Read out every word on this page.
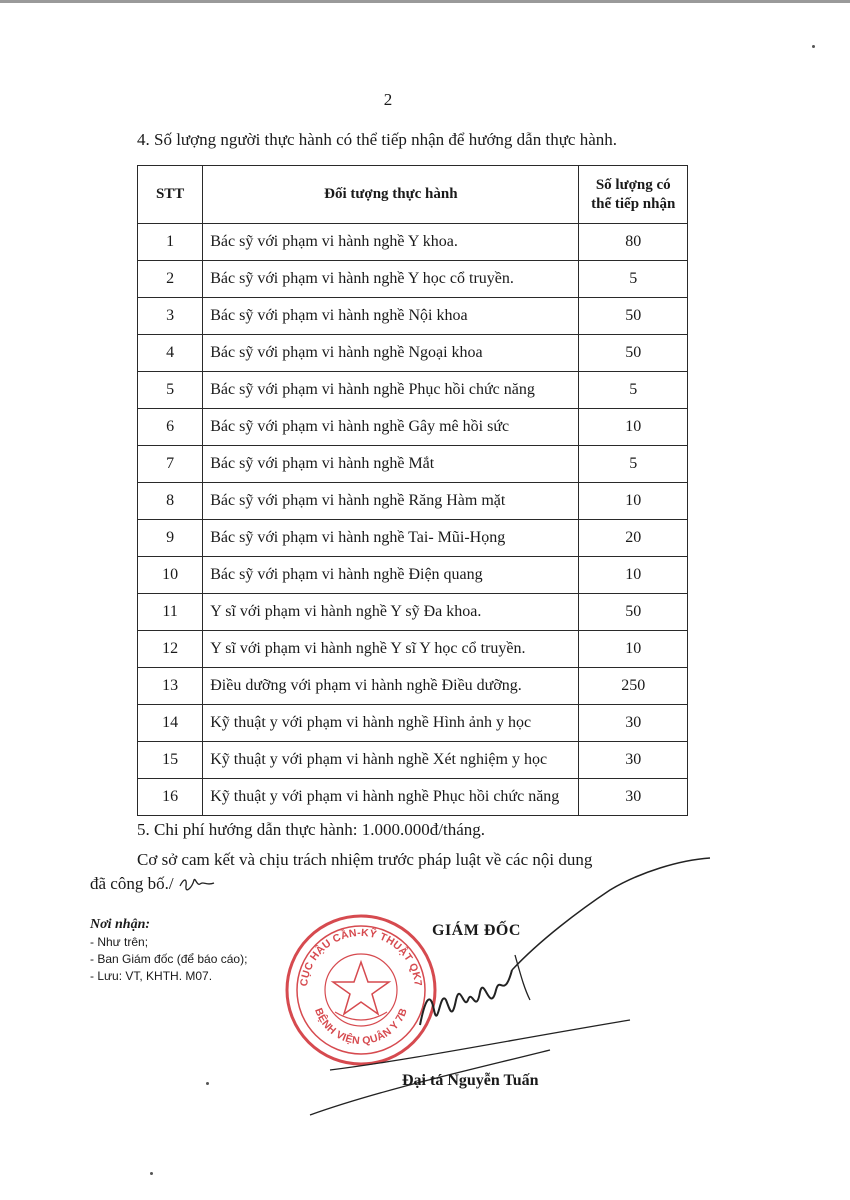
2
4. Số lượng người thực hành có thể tiếp nhận để hướng dẫn thực hành.
STT	Đối tượng thực hành	Số lượng có
thể tiếp nhận
1	Bác sỹ với phạm vi hành nghề Y khoa.	80
2	Bác sỹ với phạm vi hành nghề Y học cổ truyền.	5
3	Bác sỹ với phạm vi hành nghề Nội khoa	50
4	Bác sỹ với phạm vi hành nghề Ngoại khoa	50
5	Bác sỹ với phạm vi hành nghề Phục hồi chức năng	5
6	Bác sỹ với phạm vi hành nghề Gây mê hồi sức	10
7	Bác sỹ với phạm vi hành nghề Mắt	5
8	Bác sỹ với phạm vi hành nghề Răng Hàm mặt	10
9	Bác sỹ với phạm vi hành nghề Tai- Mũi-Họng	20
10	Bác sỹ với phạm vi hành nghề Điện quang	10
11	Y sĩ với phạm vi hành nghề Y sỹ Đa khoa.	50
12	Y sĩ với phạm vi hành nghề Y sĩ Y học cổ truyền.	10
13	Điều dưỡng với phạm vi hành nghề Điều dưỡng.	250
14	Kỹ thuật y với phạm vi hành nghề Hình ảnh y học	30
15	Kỹ thuật y với phạm vi hành nghề Xét nghiệm y học	30
16	Kỹ thuật y với phạm vi hành nghề Phục hồi chức năng	30
5. Chi phí hướng dẫn thực hành: 1.000.000đ/tháng.
Cơ sở cam kết và chịu trách nhiệm trước pháp luật về các nội dung
đã công bố./
Nơi nhận:
- Như trên;
- Ban Giám đốc (để báo cáo);
- Lưu: VT, KHTH. M07.
GIÁM ĐỐC
CỤC HẬU CẦN-KỸ THUẬT QK7
BỆNH VIỆN QUÂN Y 7B
Đại tá Nguyễn Tuấn
